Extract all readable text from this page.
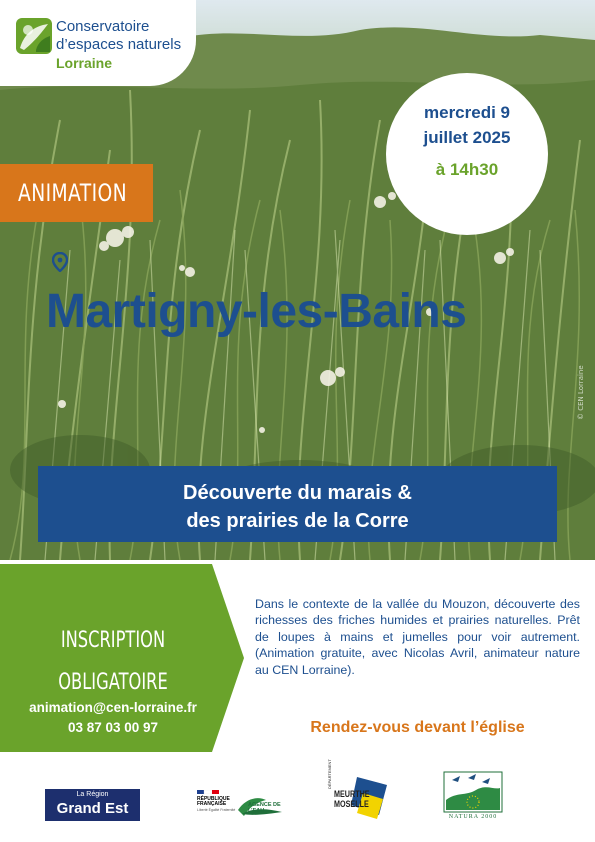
© CEN Lorraine
Conservatoire
d’espaces naturels
Lorraine
mercredi 9
juillet 2025
à 14h30
ANIMATION
Martigny-les-Bains
Découverte du marais &
des prairies de la Corre
INSCRIPTION
OBLIGATOIRE
animation@cen-lorraine.fr
03 87 03 00 97
Dans le contexte de la vallée du Mouzon, découverte des richesses des friches humides et prairies naturelles. Prêt de loupes à mains et jumelles pour voir autrement. (Animation gratuite, avec Nicolas Avril, animateur nature au CEN Lorraine).
Rendez-vous devant l’église
La Région
Grand Est
RÉPUBLIQUE FRANÇAISE
Liberté Égalité Fraternité
AGENCE DE L’EAU
DÉPARTEMENT
MEURTHE
MOSELLE
NATURA 2000
